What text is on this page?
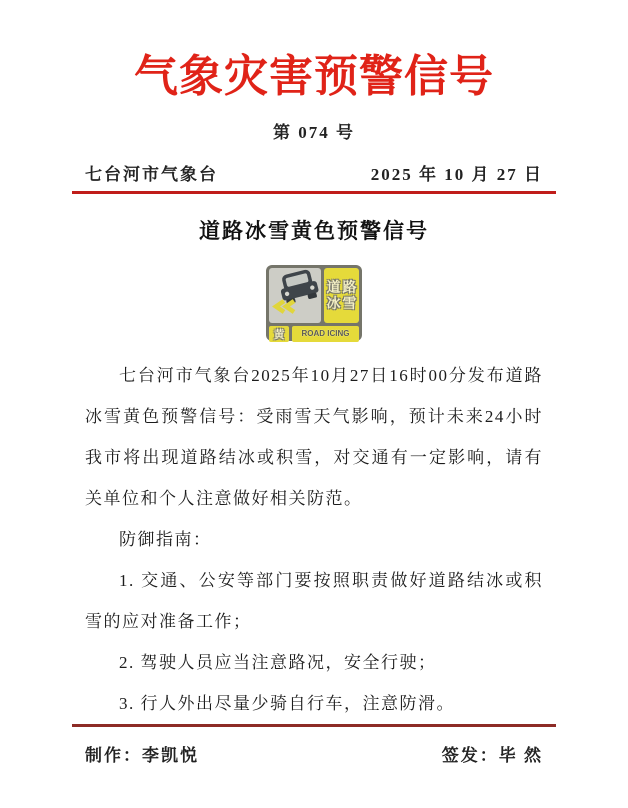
气象灾害预警信号
第 074 号
七台河市气象台	2025 年 10 月 27 日
道路冰雪黄色预警信号
道路
冰雪
黄	ROAD ICING

七台河市气象台2025年10月27日16时00分发布道路冰雪黄色预警信号：受雨雪天气影响，预计未来24小时我市将出现道路结冰或积雪，对交通有一定影响，请有关单位和个人注意做好相关防范。

防御指南：

1. 交通、公安等部门要按照职责做好道路结冰或积雪的应对准备工作；

2. 驾驶人员应当注意路况，安全行驶；

3. 行人外出尽量少骑自行车，注意防滑。

制作：李凯悦	签发：毕 然
